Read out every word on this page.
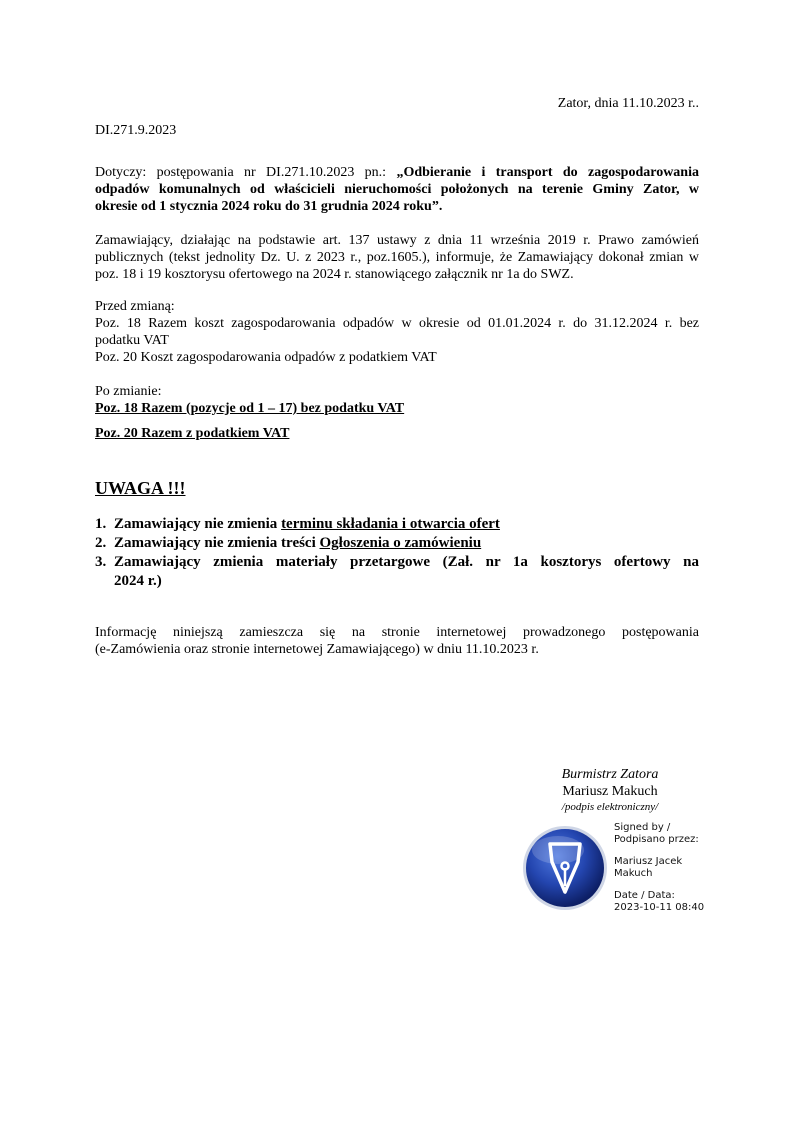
Zator, dnia 11.10.2023 r..
DI.271.9.2023
Dotyczy: postępowania nr DI.271.10.2023 pn.: „Odbieranie i transport do zagospodarowania
odpadów komunalnych od właścicieli nieruchomości położonych na terenie Gminy Zator, w
okresie od 1 stycznia 2024 roku do 31 grudnia 2024 roku”.
Zamawiający, działając na podstawie art. 137 ustawy z dnia 11 września 2019 r. Prawo zamówień
publicznych (tekst jednolity Dz. U. z 2023 r., poz.1605.), informuje, że Zamawiający dokonał zmian w
poz. 18 i 19 kosztorysu ofertowego na 2024 r. stanowiącego załącznik nr 1a do SWZ.
Przed zmianą:
Poz. 18 Razem koszt zagospodarowania odpadów w okresie od 01.01.2024 r. do 31.12.2024 r. bez
podatku VAT
Poz. 20 Koszt zagospodarowania odpadów z podatkiem VAT
Po zmianie:
Poz. 18 Razem (pozycje od 1 – 17) bez podatku VAT
Poz. 20 Razem z podatkiem VAT
UWAGA !!!
1. Zamawiający nie zmienia terminu składania i otwarcia ofert
2. Zamawiający nie zmienia treści Ogłoszenia o zamówieniu
3. Zamawiający zmienia materiały przetargowe (Zał. nr 1a kosztorys ofertowy na
2024 r.)
Informację niniejszą zamieszcza się na stronie internetowej prowadzonego postępowania
(e-Zamówienia oraz stronie internetowej Zamawiającego) w dniu 11.10.2023 r.
Burmistrz Zatora
Mariusz Makuch
/podpis elektroniczny/
Signed by /
Podpisano przez:
Mariusz Jacek
Makuch
Date / Data:
2023-10-11 08:40
